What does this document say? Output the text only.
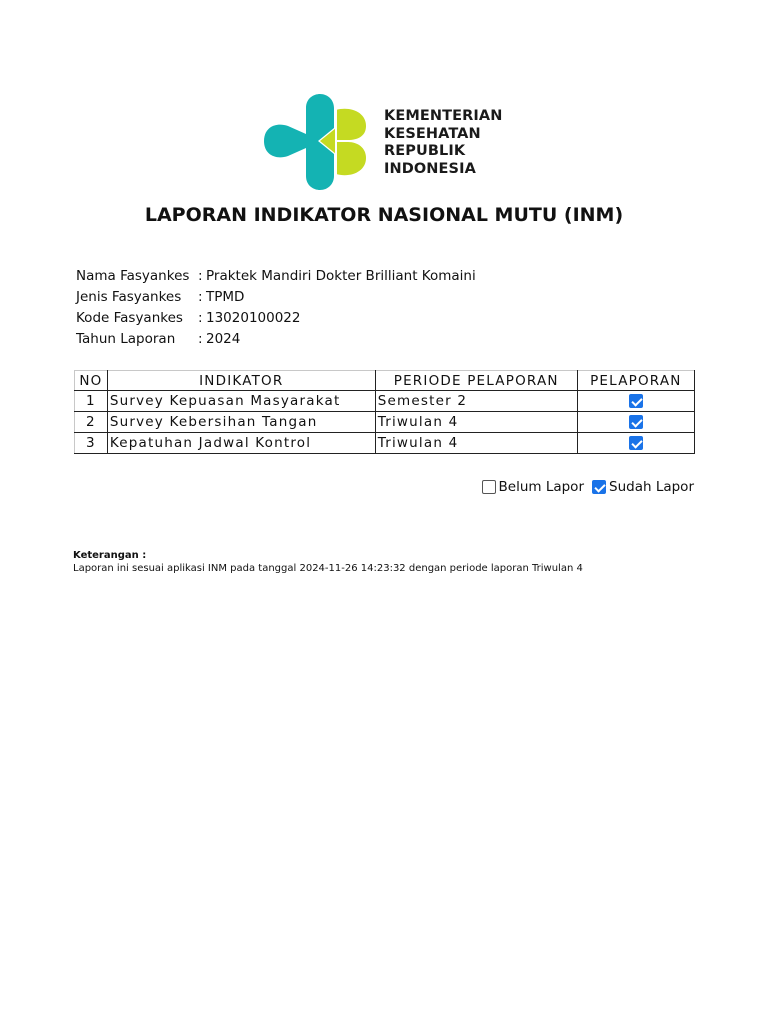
KEMENTERIAN
KESEHATAN
REPUBLIK
INDONESIA
LAPORAN INDIKATOR NASIONAL MUTU (INM)
Nama Fasyankes : Praktek Mandiri Dokter Brilliant Komaini
Jenis Fasyankes	: TPMD
Kode Fasyankes	: 13020100022
Tahun Laporan	: 2024
NO	INDIKATOR	PERIODE PELAPORAN	PELAPORAN
1	Survey Kepuasan Masyarakat	Semester 2	
2	Survey Kebersihan Tangan	Triwulan 4	
3	Kepatuhan Jadwal Kontrol	Triwulan 4	
Belum Lapor Sudah Lapor
Keterangan :
Laporan ini sesuai aplikasi INM pada tanggal 2024-11-26 14:23:32 dengan periode laporan Triwulan 4
